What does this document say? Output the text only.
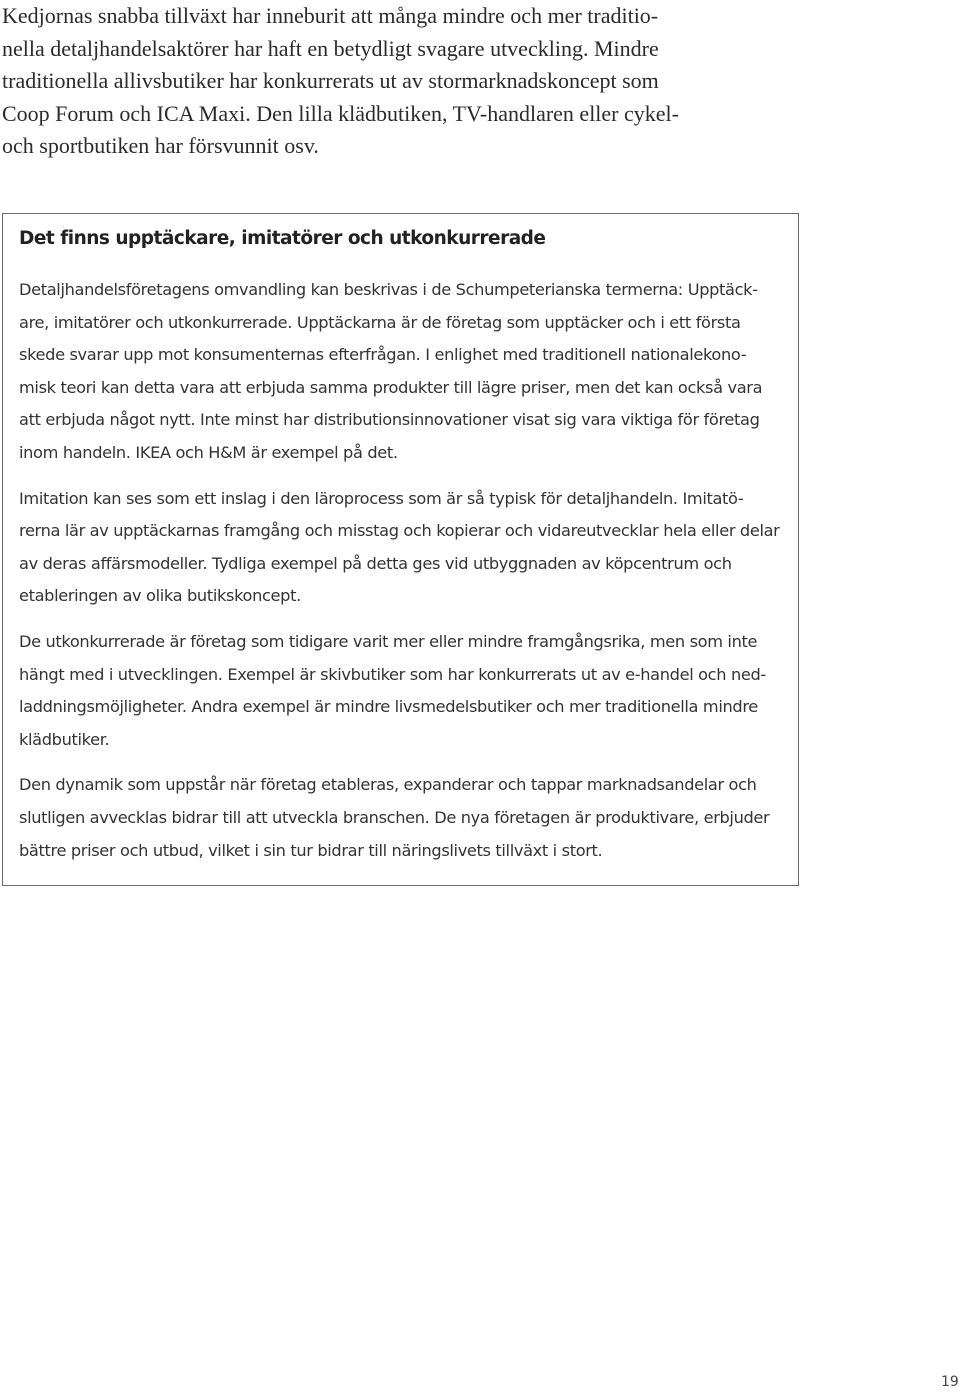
Kedjornas snabba tillväxt har inneburit att många mindre och mer traditio-
nella detaljhandelsaktörer har haft en betydligt svagare utveckling. Mindre
traditionella allivsbutiker har konkurrerats ut av stormarknadskoncept som
Coop Forum och ICA Maxi. Den lilla klädbutiken, TV-handlaren eller cykel-
och sportbutiken har försvunnit osv.
Det finns upptäckare, imitatörer och utkonkurrerade

Detaljhandelsföretagens omvandling kan beskrivas i de Schumpeterianska termerna: Upptäck-
are, imitatörer och utkonkurrerade. Upptäckarna är de företag som upptäcker och i ett första
skede svarar upp mot konsumenternas efterfrågan. I enlighet med traditionell nationalekono-
misk teori kan detta vara att erbjuda samma produkter till lägre priser, men det kan också vara
att erbjuda något nytt. Inte minst har distributionsinnovationer visat sig vara viktiga för företag
inom handeln. IKEA och H&M är exempel på det.

Imitation kan ses som ett inslag i den läroprocess som är så typisk för detaljhandeln. Imitatö-
rerna lär av upptäckarnas framgång och misstag och kopierar och vidareutvecklar hela eller delar
av deras affärsmodeller. Tydliga exempel på detta ges vid utbyggnaden av köpcentrum och
etableringen av olika butikskoncept.

De utkonkurrerade är företag som tidigare varit mer eller mindre framgångsrika, men som inte
hängt med i utvecklingen. Exempel är skivbutiker som har konkurrerats ut av e-handel och ned-
laddningsmöjligheter. Andra exempel är mindre livsmedelsbutiker och mer traditionella mindre
klädbutiker.

Den dynamik som uppstår när företag etableras, expanderar och tappar marknadsandelar och
slutligen avvecklas bidrar till att utveckla branschen. De nya företagen är produktivare, erbjuder
bättre priser och utbud, vilket i sin tur bidrar till näringslivets tillväxt i stort.

19
